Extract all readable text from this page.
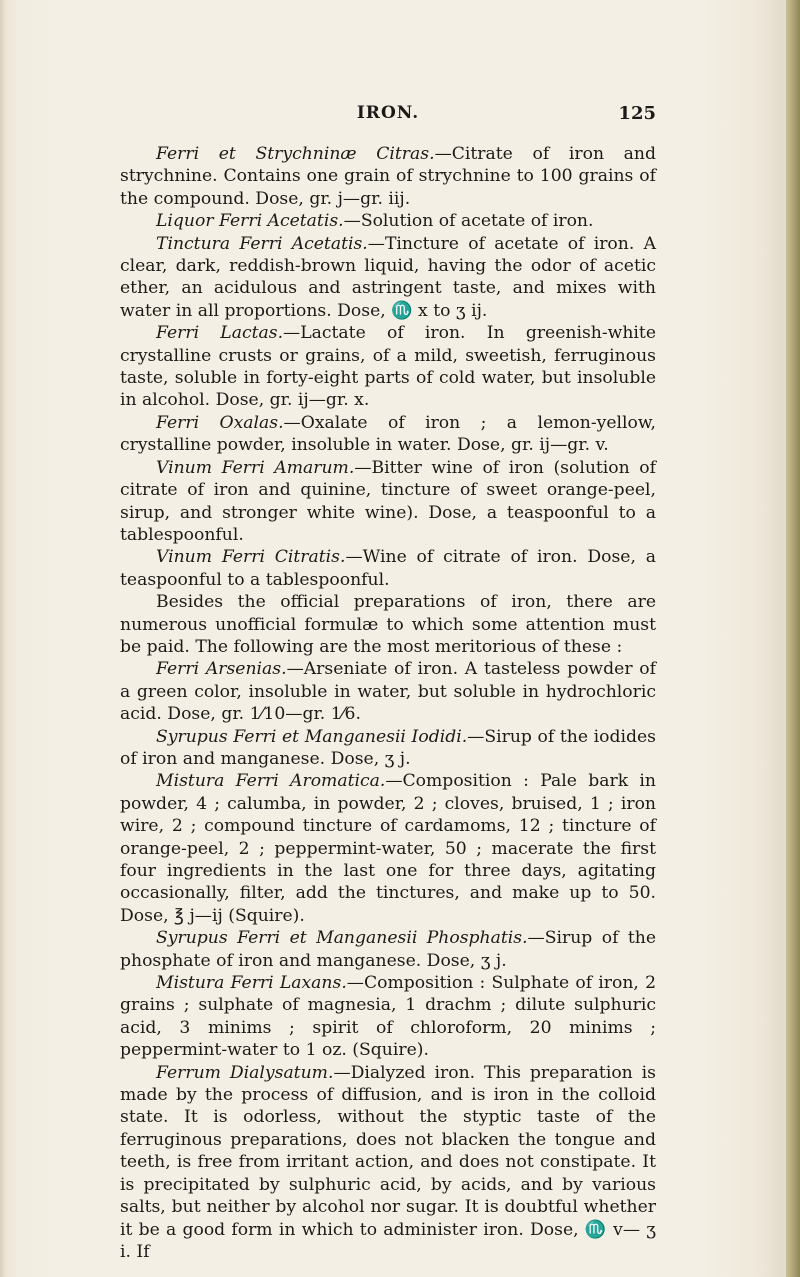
IRON.	125

Ferri et Strychninæ Citras.—Citrate of iron and strychnine. Contains one grain of strychnine to 100 grains of the compound. Dose, gr. j—gr. iij.

Liquor Ferri Acetatis.—Solution of acetate of iron.

Tinctura Ferri Acetatis.—Tincture of acetate of iron. A clear, dark, reddish-brown liquid, having the odor of acetic ether, an acidulous and astringent taste, and mixes with water in all proportions. Dose, ♏ x to ʒ ij.

Ferri Lactas.—Lactate of iron. In greenish-white crystalline crusts or grains, of a mild, sweetish, ferruginous taste, soluble in forty-eight parts of cold water, but insoluble in alcohol. Dose, gr. ij—gr. x.

Ferri Oxalas.—Oxalate of iron ; a lemon-yellow, crystalline powder, insoluble in water. Dose, gr. ij—gr. v.

Vinum Ferri Amarum.—Bitter wine of iron (solution of citrate of iron and quinine, tincture of sweet orange-peel, sirup, and stronger white wine). Dose, a teaspoonful to a tablespoonful.

Vinum Ferri Citratis.—Wine of citrate of iron. Dose, a teaspoonful to a tablespoonful.

Besides the official preparations of iron, there are numerous unofficial formulæ to which some attention must be paid. The following are the most meritorious of these :

Ferri Arsenias.—Arseniate of iron. A tasteless powder of a green color, insoluble in water, but soluble in hydrochloric acid. Dose, gr. 1⁄10—gr. 1⁄6.

Syrupus Ferri et Manganesii Iodidi.—Sirup of the iodides of iron and manganese. Dose, ʒ j.

Mistura Ferri Aromatica.—Composition : Pale bark in powder, 4 ; calumba, in powder, 2 ; cloves, bruised, 1 ; iron wire, 2 ; compound tincture of cardamoms, 12 ; tincture of orange-peel, 2 ; peppermint-water, 50 ; macerate the first four ingredients in the last one for three days, agitating occasionally, filter, add the tinctures, and make up to 50. Dose, ℥ j—ij (Squire).

Syrupus Ferri et Manganesii Phosphatis.—Sirup of the phosphate of iron and manganese. Dose, ʒ j.

Mistura Ferri Laxans.—Composition : Sulphate of iron, 2 grains ; sulphate of magnesia, 1 drachm ; dilute sulphuric acid, 3 minims ; spirit of chloroform, 20 minims ; peppermint-water to 1 oz. (Squire).

Ferrum Dialysatum.—Dialyzed iron. This preparation is made by the process of diffusion, and is iron in the colloid state. It is odorless, without the styptic taste of the ferruginous preparations, does not blacken the tongue and teeth, is free from irritant action, and does not constipate. It is precipitated by sulphuric acid, by acids, and by various salts, but neither by alcohol nor sugar. It is doubtful whether it be a good form in which to administer iron. Dose, ♏ v— ʒ i. If
